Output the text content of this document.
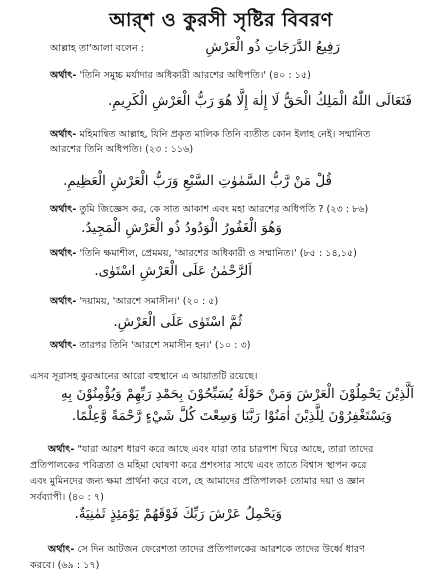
আর্‌শ ও কুরসী সৃষ্টির বিবরণ
আল্লাহ তা'আলা বলেন :	رَفِيعُ الدَّرَجَاتِ ذُو الْعَرْشِ
অর্থাৎ- 'তিনি সমুচ্চ মর্যাদার অধিকারী আরশের অধিপতি।' (৪০ : ১৫)
فَتَعَالَى اللّٰهُ الْمَلِكُ الْحَقُّ لَا إِلٰهَ إِلَّا هُوَ رَبُّ الْعَرْشِ الْكَرِيمِ.
অর্থাৎ- মহিমান্বিত আল্লাহ, যিনি প্রকৃত মালিক তিনি ব্যতীত কোন ইলাহ নেই। সম্মানিত
আরশের তিনি অধিপতি। (২৩ : ১১৬)
قُلْ مَنْ رَّبُّ السَّمٰوٰتِ السَّبْعِ وَرَبُّ الْعَرْشِ الْعَظِيمِ.
অর্থাৎ- তুমি জিজ্ঞেস কর, কে সাত আকাশ এবং মহা আরশের অধিপতি ? (২৩ : ৮৬)
وَهُوَ الْغَفُورُ الْوَدُودُ ذُو الْعَرْشِ الْمَجِيدُ.
অর্থাৎ- 'তিনি ক্ষমাশীল, প্রেমময়, 'আরশের অধিকারী ও সম্মানিত।' (৮৫ : ১৪,১৫)
اَلرَّحْمٰنُ عَلَى الْعَرْشِ اسْتَوٰى.
অর্থাৎ- 'দয়াময়, 'আরশে সমাসীন।' (২০ : ৫)
ثُمَّ اسْتَوٰى عَلَى الْعَرْشِ.
অর্থাৎ- তারপর তিনি 'আরশে সমাসীন হন।' (১০ : ৩)
এসব সূরাসহ কুরআনের আরো বহুস্থানে এ আয়াতটি রয়েছে।
اَلَّذِيْنَ يَحْمِلُوْنَ الْعَرْشَ وَمَنْ حَوْلَهُ يُسَبِّحُوْنَ بِحَمْدِ رَبِّهِمْ وَيُؤْمِنُوْنَ بِهِ
وَيَسْتَغْفِرُوْنَ لِلَّذِيْنَ اٰمَنُوْا رَبَّنَا وَسِعْتَ كُلَّ شَيْءٍ رَّحْمَةً وَّعِلْمًا.
অর্থাৎ- "যারা আরশ ধারণ করে আছে এবং যারা তার চারপাশ ঘিরে আছে, তারা তাদের
প্রতিপালকের পবিত্রতা ও মহিমা ঘোষণা করে প্রশংসার সাথে এবং তাতে বিশ্বাস স্থাপন করে
এবং মুমিনদের জন্য ক্ষমা প্রার্থনা করে বলে, হে আমাদের প্রতিপালক! তোমার দয়া ও জ্ঞান
সর্বব্যাপী। (৪০ : ৭)
وَيَحْمِلُ عَرْشَ رَبِّكَ فَوْقَهُمْ يَوْمَئِذٍ ثَمٰنِيَةٌ.
অর্থাৎ- সে দিন আটজন ফেরেশতা তাদের প্রতিপালকের আরশকে তাদের উর্ধ্বে ধারণ
করবে। (৬৯ : ১৭)
